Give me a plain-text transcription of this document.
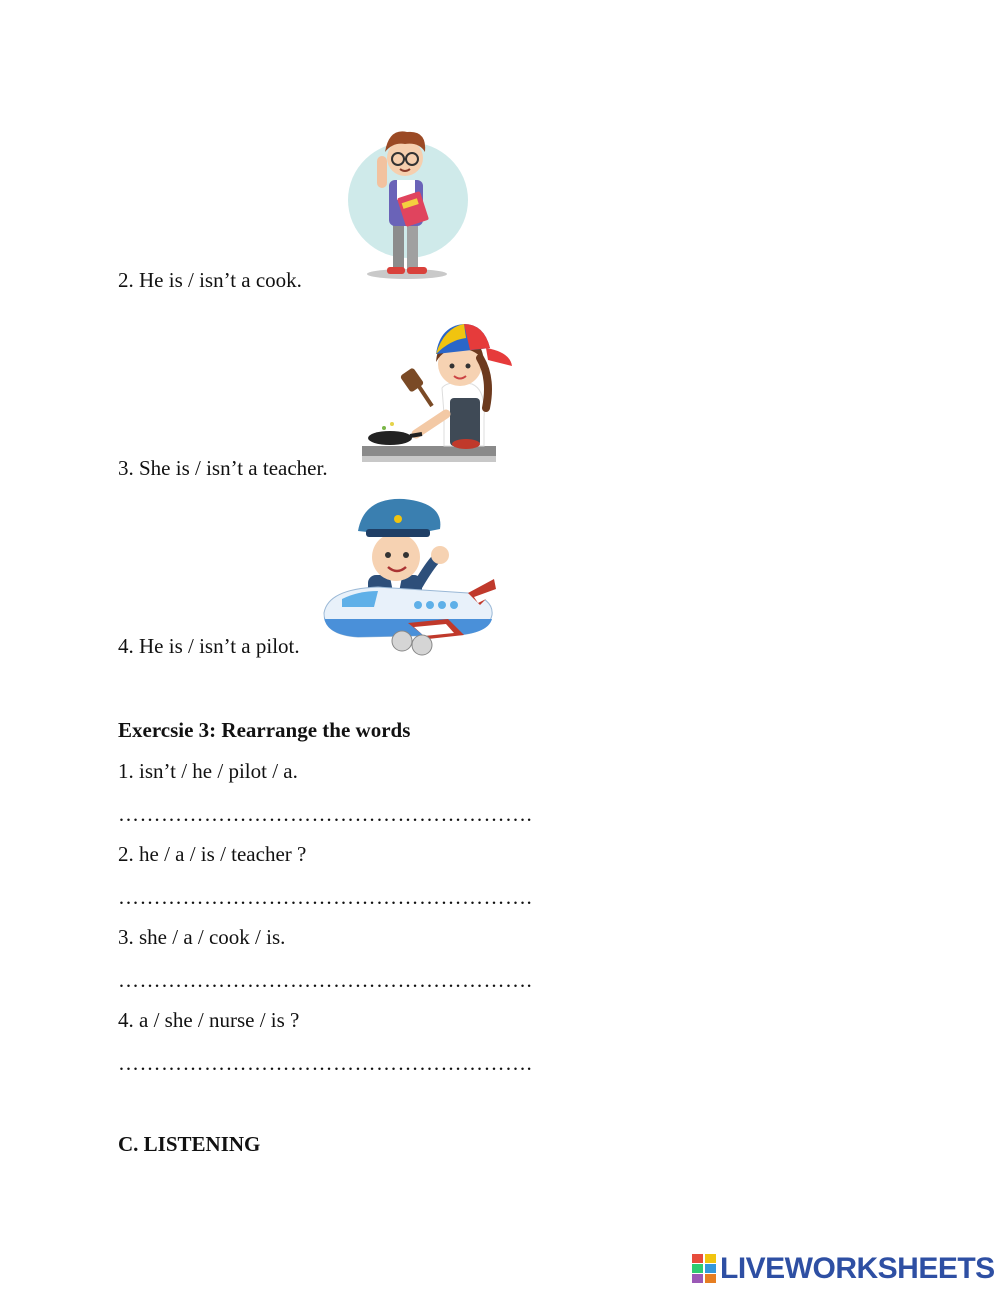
2. He is / isn’t a cook.
3. She is / isn’t a teacher.
4. He is / isn’t a pilot.
Exercsie 3: Rearrange the words
1. isn’t / he / pilot / a.
………………………………………………….
2. he / a / is / teacher ?
………………………………………………….
3. she / a / cook / is.
………………………………………………….
4. a / she / nurse / is ?
………………………………………………….
C. LISTENING
LIVEWORKSHEETS
